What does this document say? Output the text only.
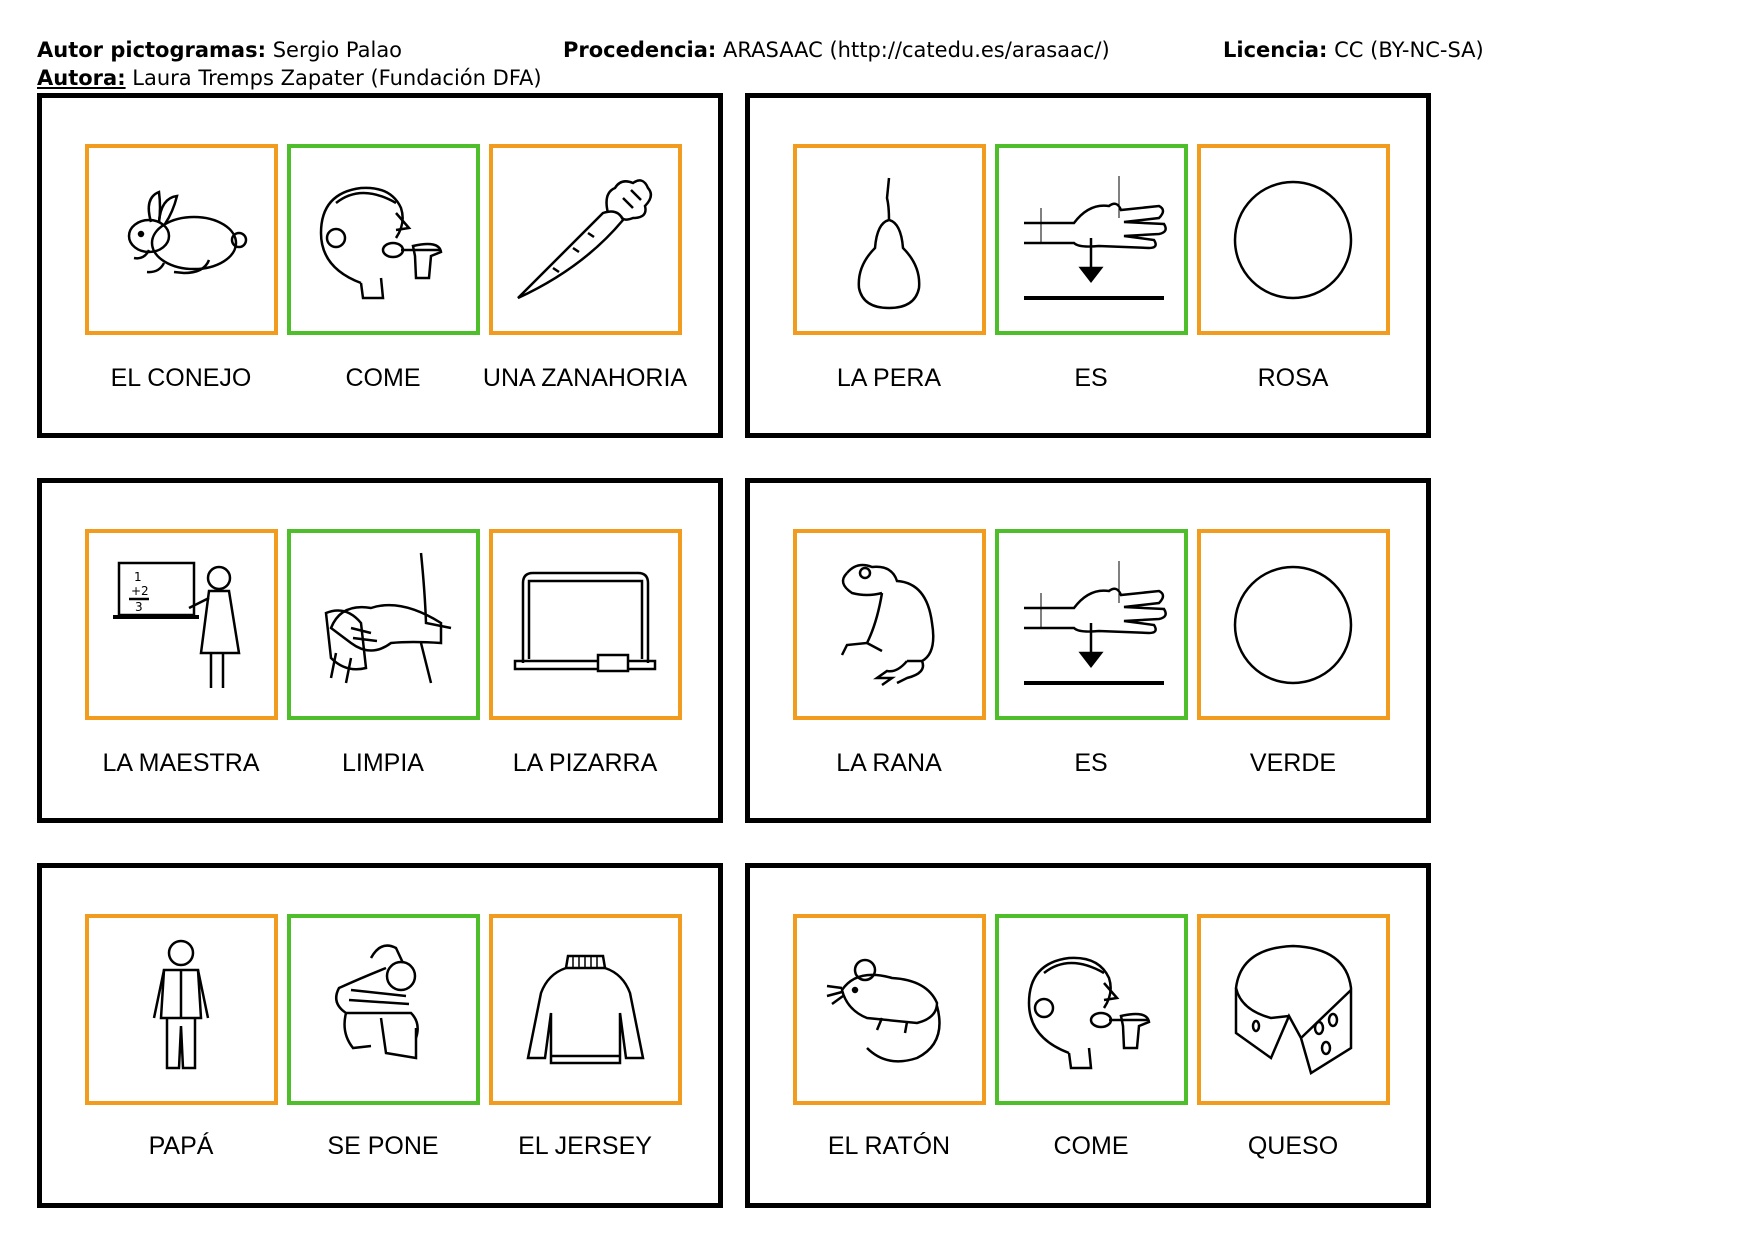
Autor pictogramas: Sergio Palao	Procedencia: ARASAAC (http://catedu.es/arasaac/)	Licencia: CC (BY-NC-SA)
Autora: Laura Tremps Zapater (Fundación DFA)
EL CONEJO	COME	UNA ZANAHORIA	LA PERA	ES	ROSA
1
+2
3
LA MAESTRA	LIMPIA	LA PIZARRA	LA RANA	ES	VERDE
PAPÁ	SE PONE	EL JERSEY	EL RATÓN	COME	QUESO
